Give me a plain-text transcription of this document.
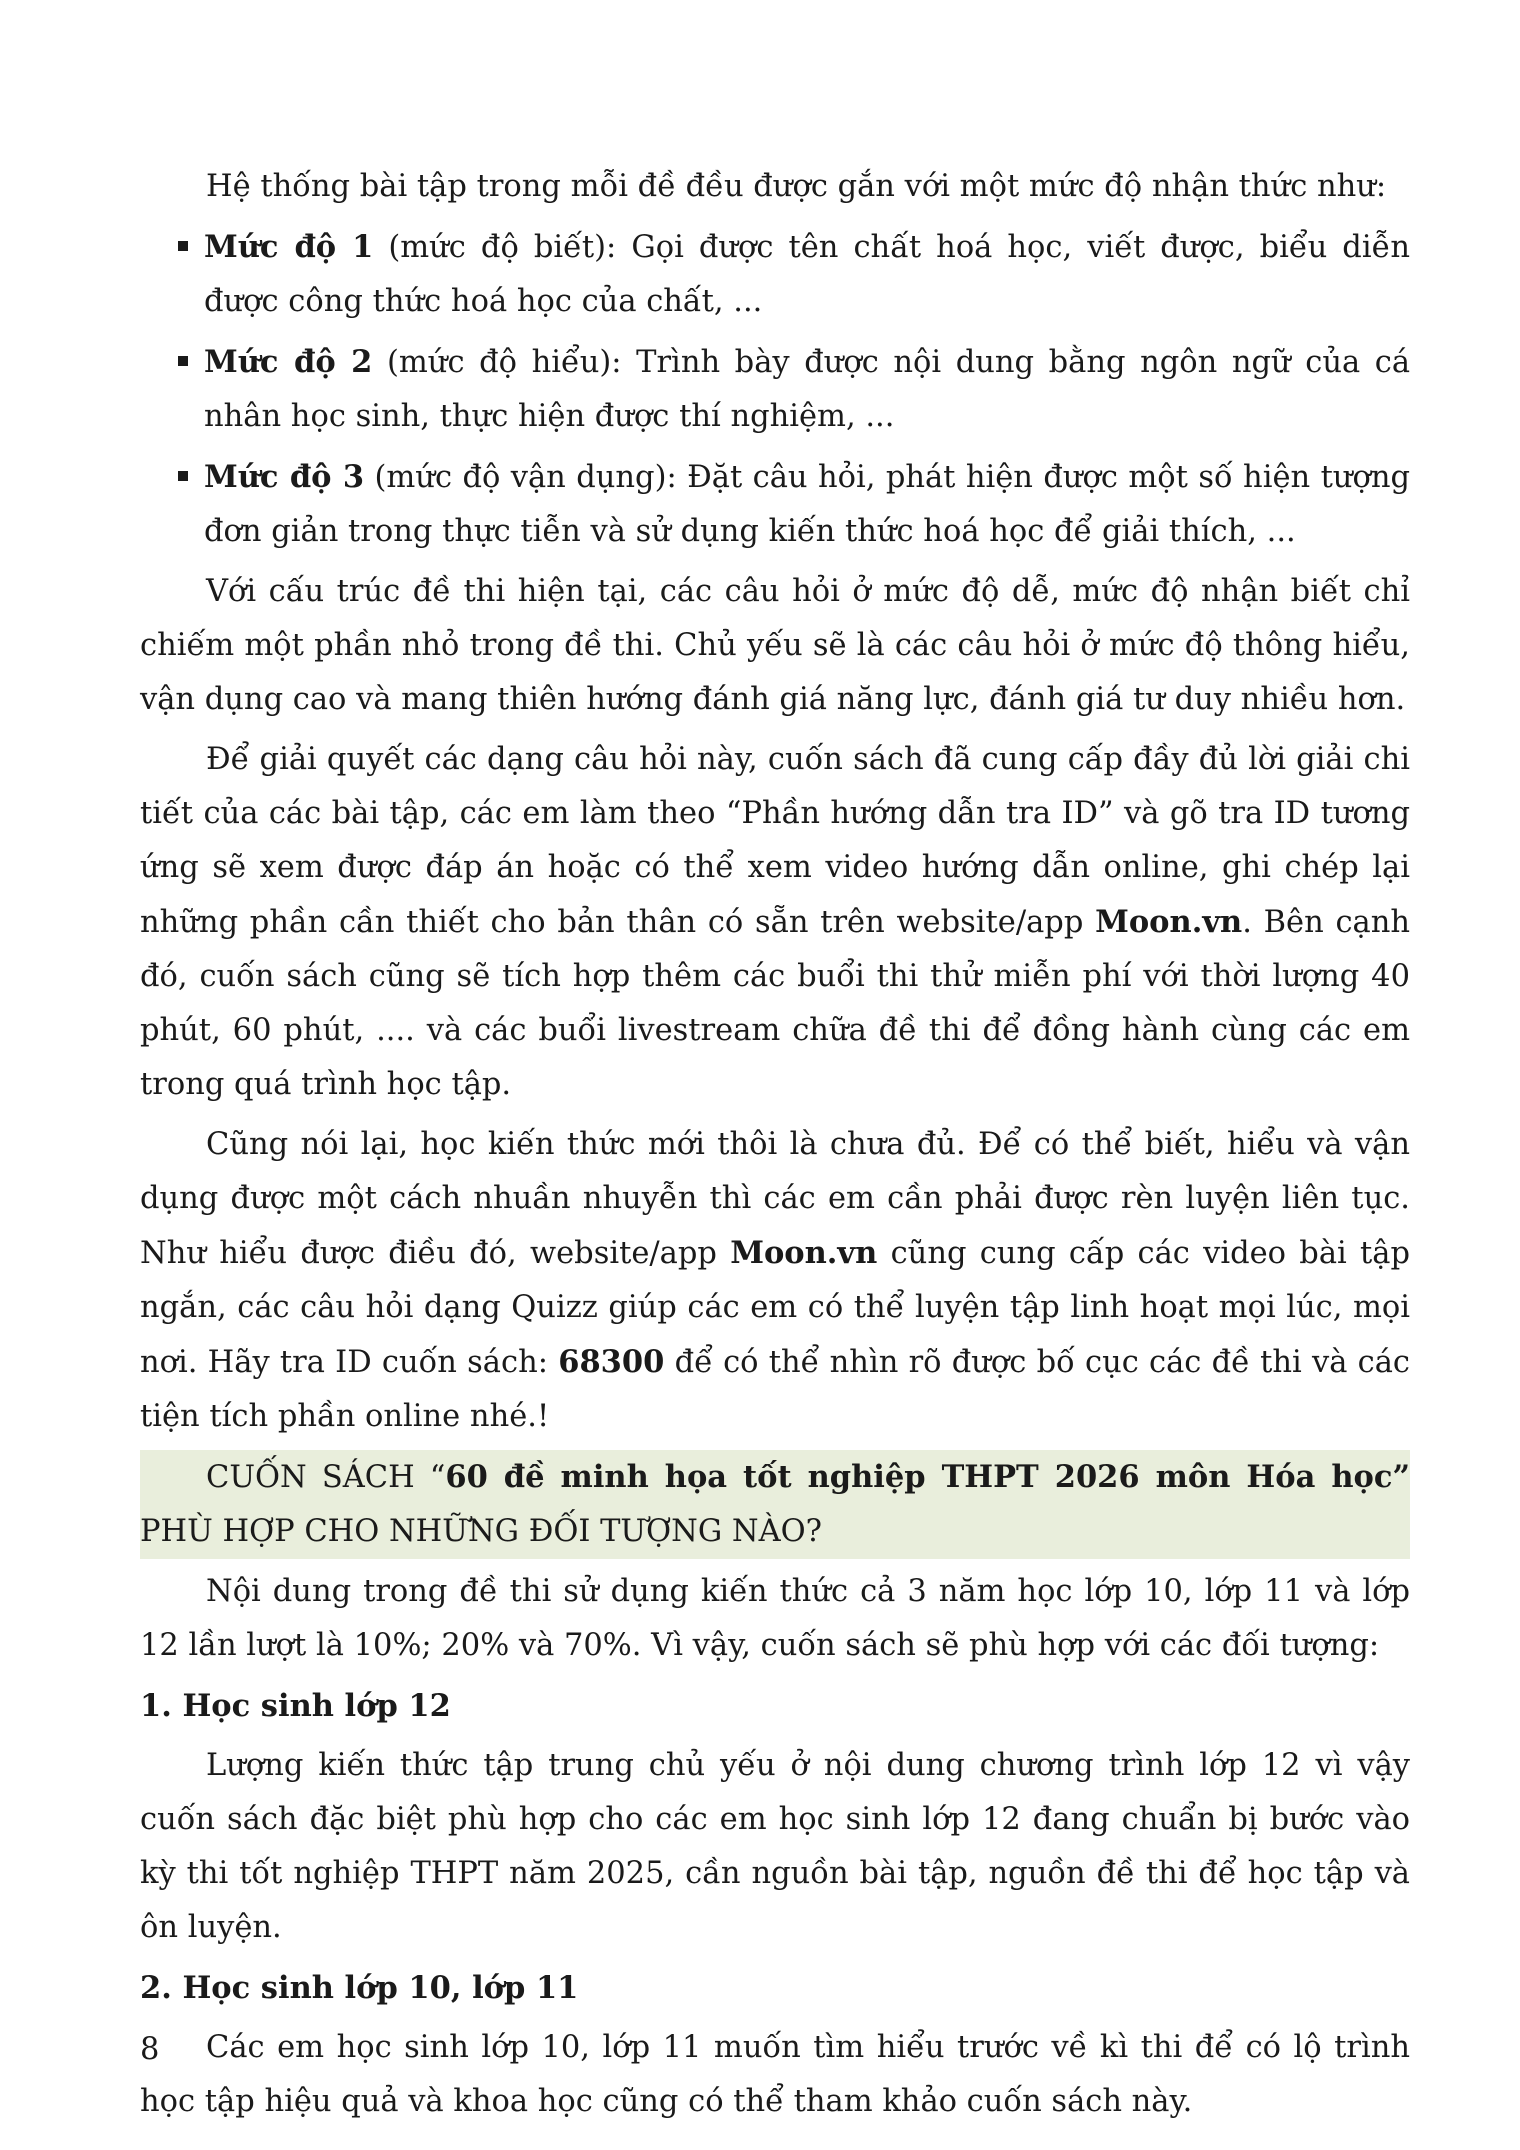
Hệ thống bài tập trong mỗi đề đều được gắn với một mức độ nhận thức như:

Mức độ 1 (mức độ biết): Gọi được tên chất hoá học, viết được, biểu diễn được công thức hoá học của chất, ...
Mức độ 2 (mức độ hiểu): Trình bày được nội dung bằng ngôn ngữ của cá nhân học sinh, thực hiện được thí nghiệm, ...
Mức độ 3 (mức độ vận dụng): Đặt câu hỏi, phát hiện được một số hiện tượng đơn giản trong thực tiễn và sử dụng kiến thức hoá học để giải thích, ...

Với cấu trúc đề thi hiện tại, các câu hỏi ở mức độ dễ, mức độ nhận biết chỉ chiếm một phần nhỏ trong đề thi. Chủ yếu sẽ là các câu hỏi ở mức độ thông hiểu, vận dụng cao và mang thiên hướng đánh giá năng lực, đánh giá tư duy nhiều hơn.

Để giải quyết các dạng câu hỏi này, cuốn sách đã cung cấp đầy đủ lời giải chi tiết của các bài tập, các em làm theo “Phần hướng dẫn tra ID” và gõ tra ID tương ứng sẽ xem được đáp án hoặc có thể xem video hướng dẫn online, ghi chép lại những phần cần thiết cho bản thân có sẵn trên website/app Moon.vn. Bên cạnh đó, cuốn sách cũng sẽ tích hợp thêm các buổi thi thử miễn phí với thời lượng 40 phút, 60 phút, .... và các buổi livestream chữa đề thi để đồng hành cùng các em trong quá trình học tập.

Cũng nói lại, học kiến thức mới thôi là chưa đủ. Để có thể biết, hiểu và vận dụng được một cách nhuần nhuyễn thì các em cần phải được rèn luyện liên tục. Như hiểu được điều đó, website/app Moon.vn cũng cung cấp các video bài tập ngắn, các câu hỏi dạng Quizz giúp các em có thể luyện tập linh hoạt mọi lúc, mọi nơi. Hãy tra ID cuốn sách: 68300 để có thể nhìn rõ được bố cục các đề thi và các tiện tích phần online nhé.!

CUỐN SÁCH “60 đề minh họa tốt nghiệp THPT 2026 môn Hóa học” PHÙ HỢP CHO NHỮNG ĐỐI TƯỢNG NÀO?

Nội dung trong đề thi sử dụng kiến thức cả 3 năm học lớp 10, lớp 11 và lớp 12 lần lượt là 10%; 20% và 70%. Vì vậy, cuốn sách sẽ phù hợp với các đối tượng:

1. Học sinh lớp 12

Lượng kiến thức tập trung chủ yếu ở nội dung chương trình lớp 12 vì vậy cuốn sách đặc biệt phù hợp cho các em học sinh lớp 12 đang chuẩn bị bước vào kỳ thi tốt nghiệp THPT năm 2025, cần nguồn bài tập, nguồn đề thi để học tập và ôn luyện.

2. Học sinh lớp 10, lớp 11

Các em học sinh lớp 10, lớp 11 muốn tìm hiểu trước về kì thi để có lộ trình học tập hiệu quả và khoa học cũng có thể tham khảo cuốn sách này.

8
